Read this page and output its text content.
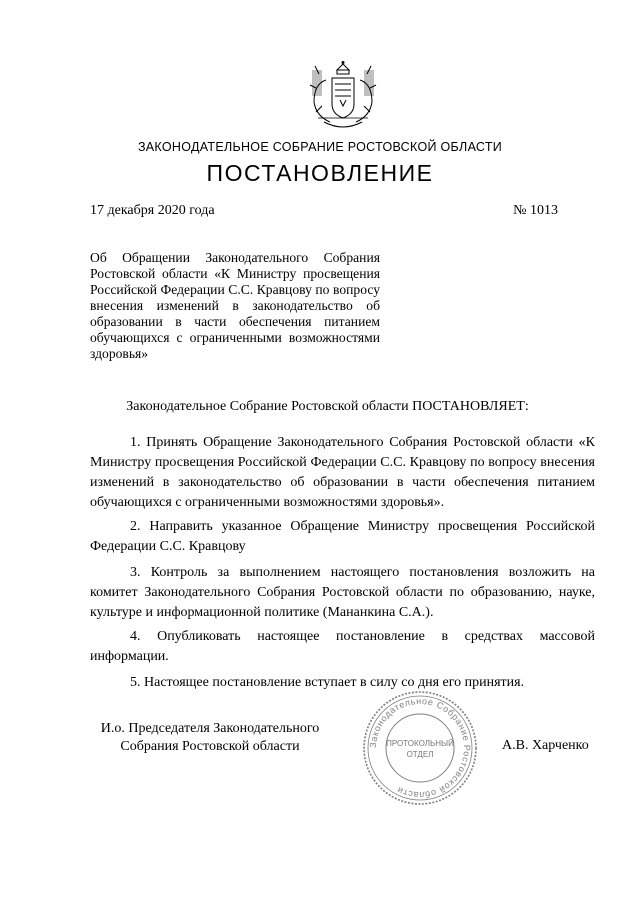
ЗАКОНОДАТЕЛЬНОЕ СОБРАНИЕ РОСТОВСКОЙ ОБЛАСТИ
ПОСТАНОВЛЕНИЕ
17 декабря 2020 года	№ 1013
Об Обращении Законодательного Собрания Ростовской области «К Министру просвещения Российской Федерации С.С. Кравцову по вопросу внесения изменений в законодательство об образовании в части обеспечения питанием обучающихся с ограниченными возможностями здоровья»
Законодательное Собрание Ростовской области ПОСТАНОВЛЯЕТ:
1. Принять Обращение Законодательного Собрания Ростовской области «К Министру просвещения Российской Федерации С.С. Кравцову по вопросу внесения изменений в законодательство об образовании в части обеспечения питанием обучающихся с ограниченными возможностями здоровья».
2. Направить указанное Обращение Министру просвещения Российской Федерации С.С. Кравцову
3. Контроль за выполнением настоящего постановления возложить на комитет Законодательного Собрания Ростовской области по образованию, науке, культуре и информационной политике (Мананкина С.А.).
4. Опубликовать настоящее постановление в средствах массовой информации.
5. Настоящее постановление вступает в силу со дня его принятия.
И.о. Председателя Законодательного
Собрания Ростовской области	А.В. Харченко
Законодательное Собрание Ростовской области
ПРОТОКОЛЬНЫЙ
ОТДЕЛ
